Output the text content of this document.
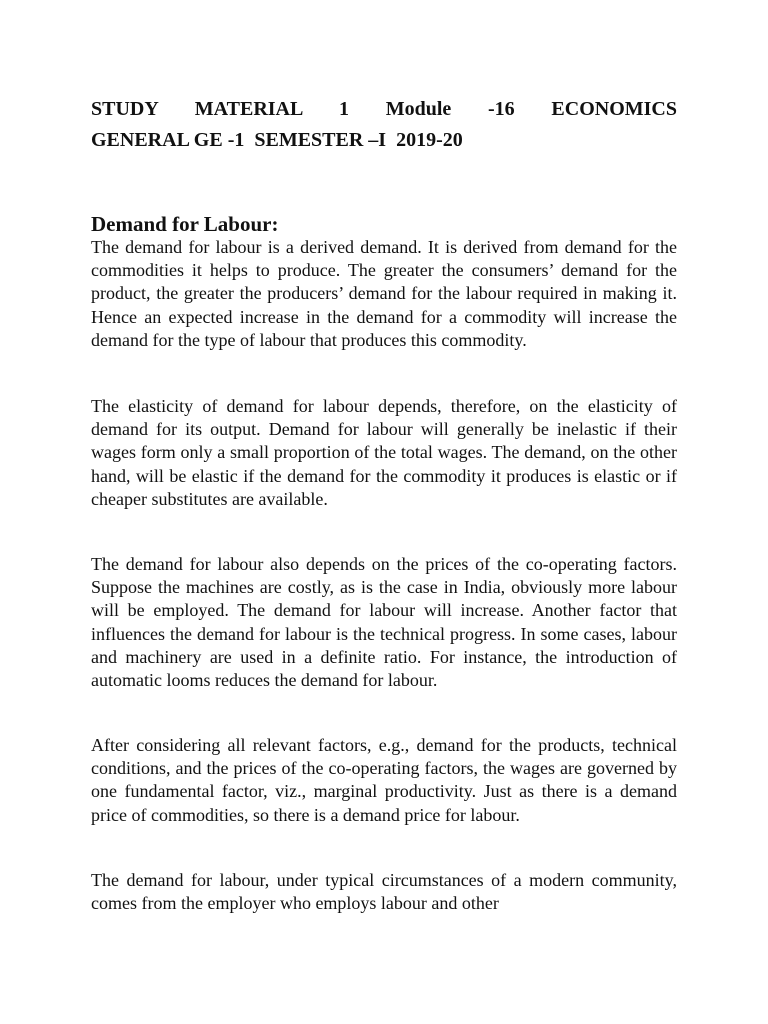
STUDY MATERIAL 1 Module -16 ECONOMICS
GENERAL GE -1  SEMESTER –I  2019-20
Demand for Labour:

The demand for labour is a derived demand. It is derived from demand for the commodities it helps to produce. The greater the consumers’ demand for the product, the greater the producers’ demand for the labour required in making it. Hence an expected increase in the demand for a commodity will increase the demand for the type of labour that produces this commodity.

The elasticity of demand for labour depends, therefore, on the elasticity of demand for its output. Demand for labour will generally be inelastic if their wages form only a small proportion of the total wages. The demand, on the other hand, will be elastic if the demand for the commodity it produces is elastic or if cheaper substitutes are available.

The demand for labour also depends on the prices of the co-operating factors. Suppose the machines are costly, as is the case in India, obviously more labour will be employed. The demand for labour will increase. Another factor that influences the demand for labour is the technical progress. In some cases, labour and machinery are used in a definite ratio. For instance, the introduction of automatic looms reduces the demand for labour.

After considering all relevant factors, e.g., demand for the products, technical conditions, and the prices of the co-operating factors, the wages are governed by one fundamental factor, viz., marginal productivity. Just as there is a demand price of commodities, so there is a demand price for labour.

The demand for labour, under typical circumstances of a modern community, comes from the employer who employs labour and other
